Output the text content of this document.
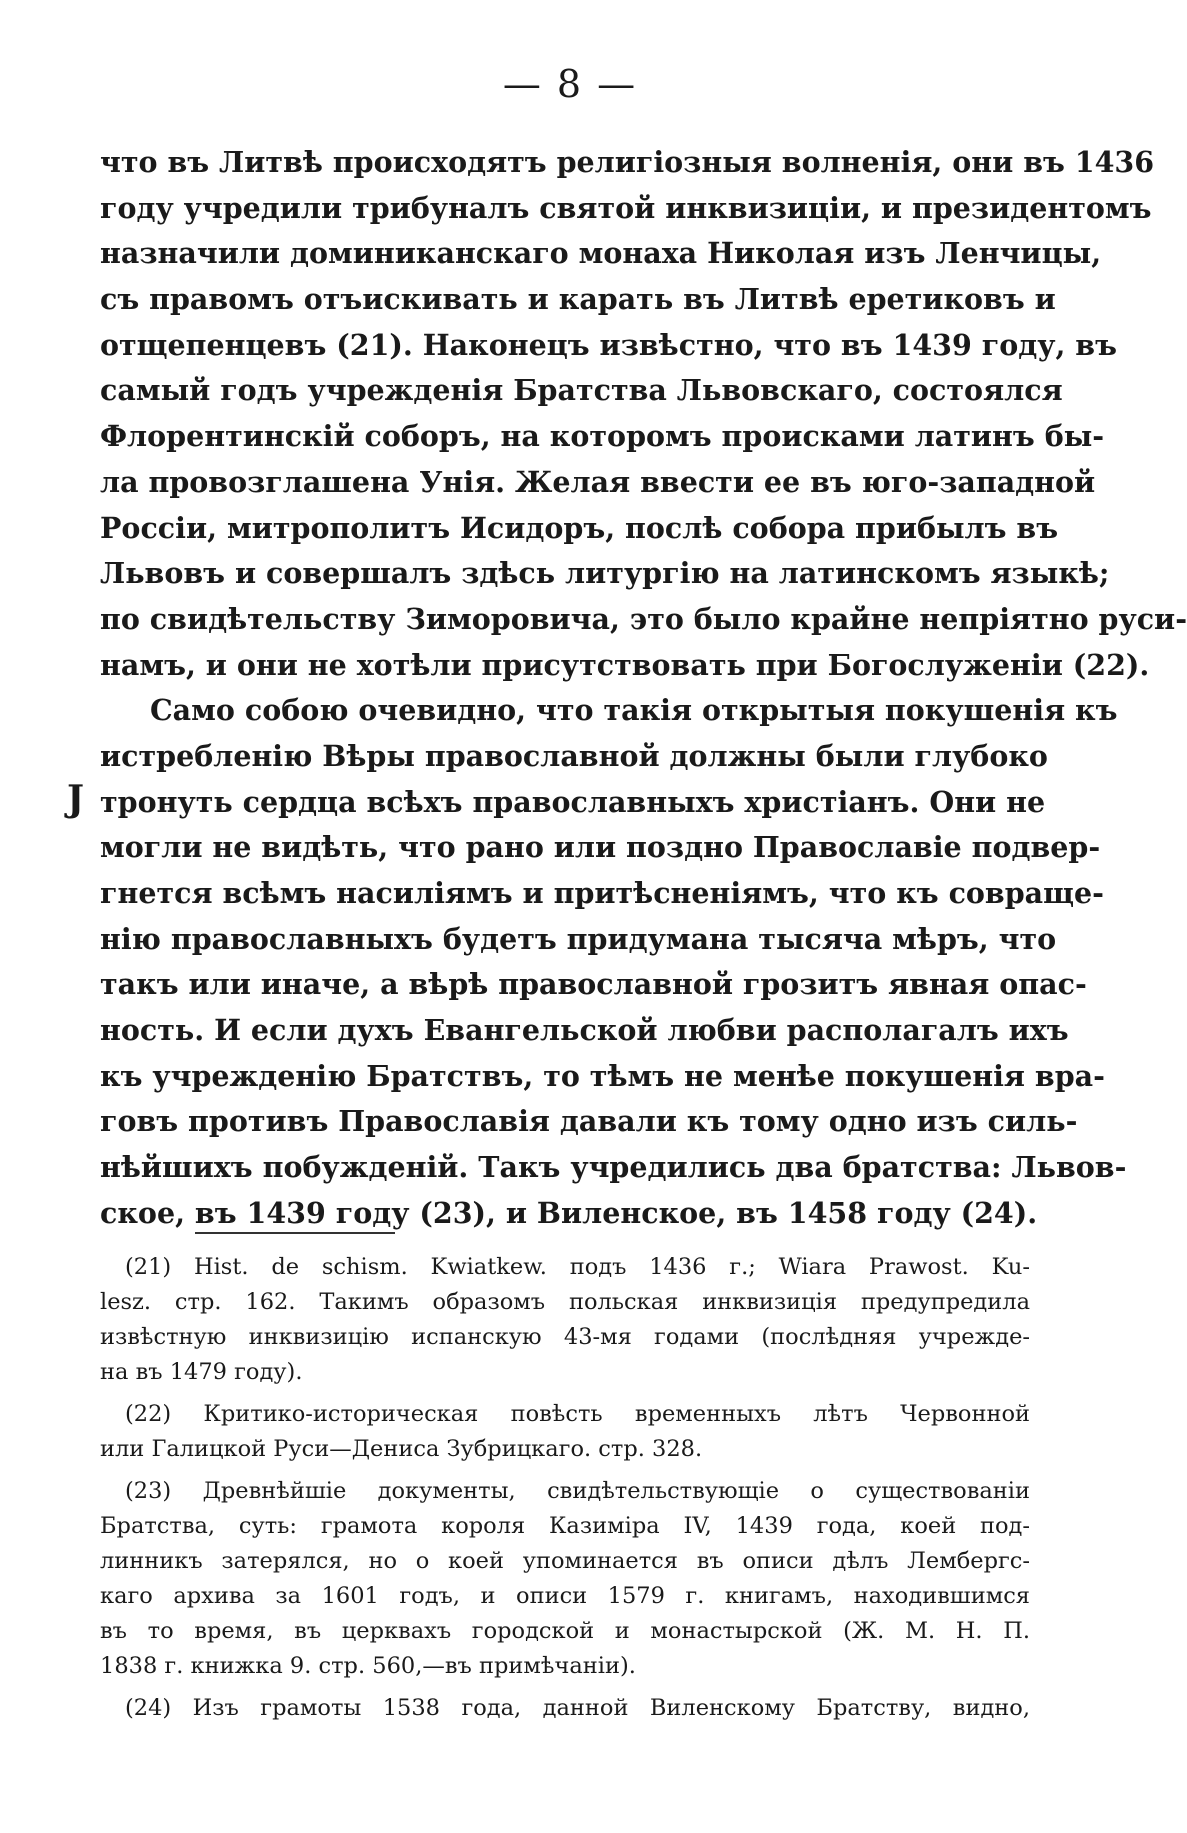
— 8 —
J
что въ Литвѣ происходятъ религіозныя волненія, они въ 1436
году учредили трибуналъ святой инквизиціи, и президентомъ
назначили доминиканскаго монаха Николая изъ Ленчицы,
съ правомъ отъискивать и карать въ Литвѣ еретиковъ и
отщепенцевъ (21). Наконецъ извѣстно, что въ 1439 году, въ
самый годъ учрежденія Братства Львовскаго, состоялся
Флорентинскій соборъ, на которомъ происками латинъ бы-
ла провозглашена Унія. Желая ввести ее въ юго-западной
Россіи, митрополитъ Исидоръ, послѣ собора прибылъ въ
Львовъ и совершалъ здѣсь литургію на латинскомъ языкѣ;
по свидѣтельству Зиморовича, это было крайне непріятно руси-
намъ, и они не хотѣли присутствовать при Богослуженіи (22).
Само собою очевидно, что такія открытыя покушенія къ
истребленію Вѣры православной должны были глубоко
тронуть сердца всѣхъ православныхъ христіанъ. Они не
могли не видѣть, что рано или поздно Православіе подвер-
гнется всѣмъ насиліямъ и притѣсненіямъ, что къ совраще-
нію православныхъ будетъ придумана тысяча мѣръ, что
такъ или иначе, а вѣрѣ православной грозитъ явная опас-
ность. И если духъ Евангельской любви располагалъ ихъ
къ учрежденію Братствъ, то тѣмъ не менѣе покушенія вра-
говъ противъ Православія давали къ тому одно изъ силь-
нѣйшихъ побужденій. Такъ учредились два братства: Львов-
ское, въ 1439 году (23), и Виленское, въ 1458 году (24).
(21) Hist. de schism. Kwiatkew. подъ 1436 г.; Wiara Prawost. Ku-
lesz. стр. 162. Такимъ образомъ польская инквизиція предупредила
извѣстную инквизицію испанскую 43-мя годами (послѣдняя учрежде-
на въ 1479 году).
(22) Критико-историческая повѣсть временныхъ лѣтъ Червонной
или Галицкой Руси—Дениса Зубрицкаго. стр. 328.
(23) Древнѣйшіе документы, свидѣтельствующіе о существованіи
Братства, суть: грамота короля Казиміра IV, 1439 года, коей под-
линникъ затерялся, но о коей упоминается въ описи дѣлъ Лембергс-
каго архива за 1601 годъ, и описи 1579 г. книгамъ, находившимся
въ то время, въ церквахъ городской и монастырской (Ж. М. Н. П.
1838 г. книжка 9. стр. 560,—въ примѣчаніи).
(24) Изъ грамоты 1538 года, данной Виленскому Братству, видно,
